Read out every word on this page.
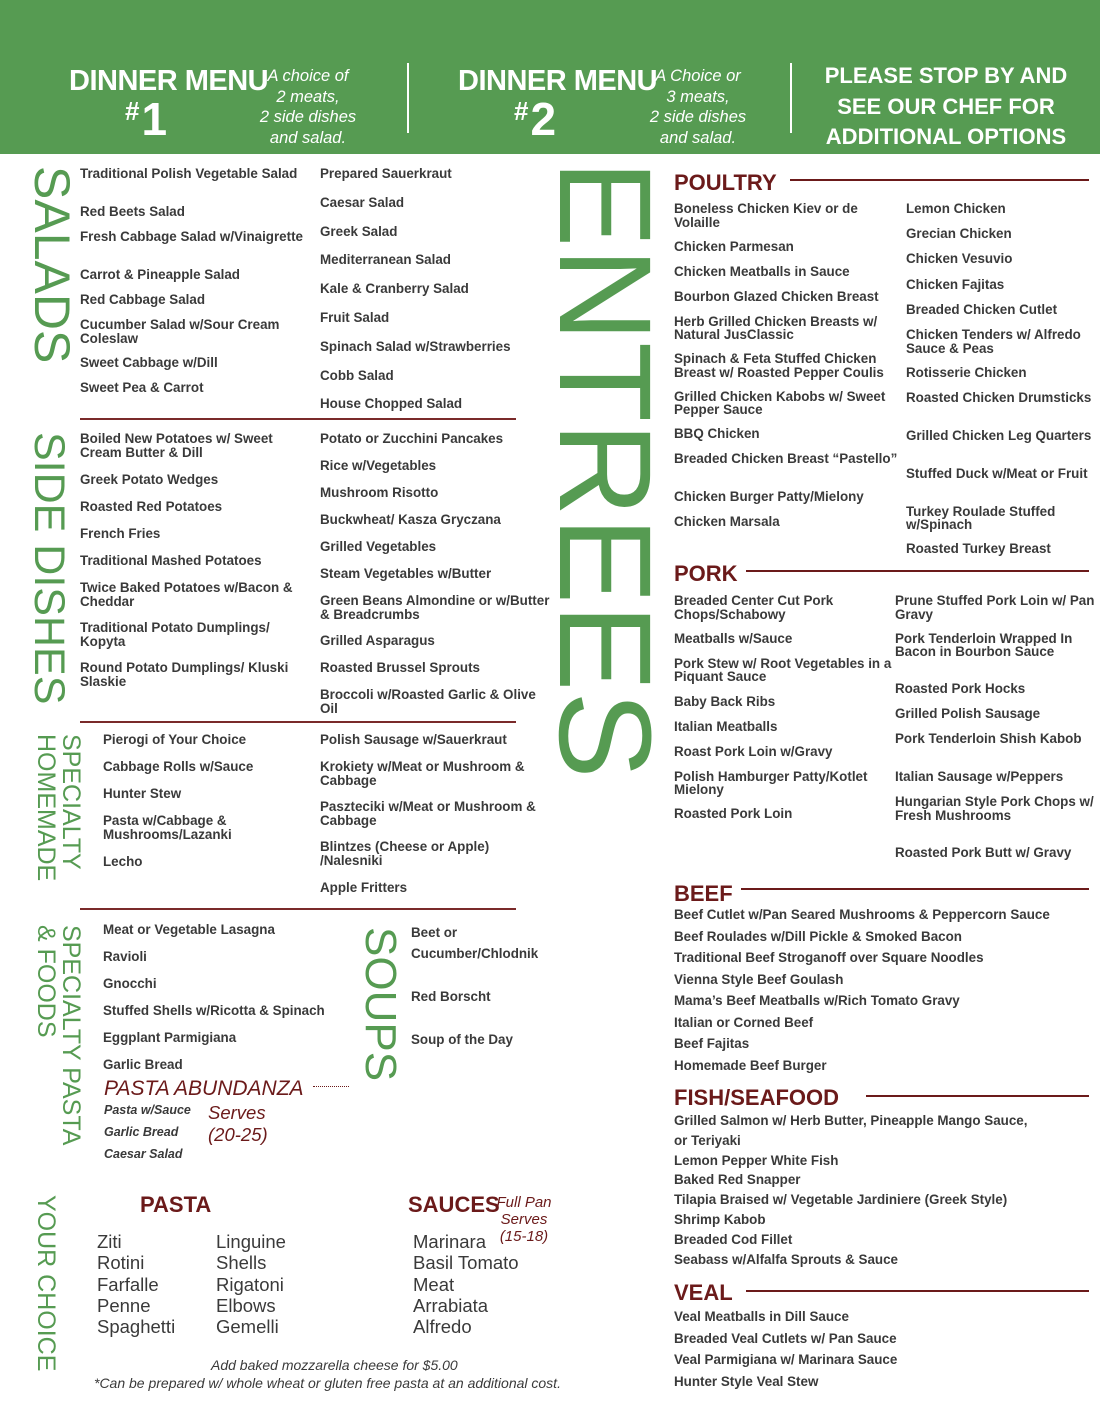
DINNER MENU
#1
A choice of
2 meats,
2 side dishes
and salad.
DINNER MENU
#2
A Choice or
3 meats,
2 side dishes
and salad.
PLEASE STOP BY AND
SEE OUR CHEF FOR
ADDITIONAL OPTIONS
SALADS
SIDE DISHES
HOMEMADE
SPECIALTY
& FOODS
SPECIALTY PASTA	SOUPS
YOUR CHOICE
ENTREES
Traditional Polish Vegetable Salad
Red Beets Salad
Fresh Cabbage Salad w/Vinaigrette
Carrot & Pineapple Salad
Red Cabbage Salad
Cucumber Salad w/Sour Cream Coleslaw
Sweet Cabbage w/Dill
Sweet Pea & Carrot
Prepared Sauerkraut
Caesar Salad
Greek Salad
Mediterranean Salad
Kale & Cranberry Salad
Fruit Salad
Spinach Salad w/Strawberries
Cobb Salad
House Chopped Salad
Boiled New Potatoes w/ Sweet Cream Butter & Dill
Greek Potato Wedges
Roasted Red Potatoes
French Fries
Traditional Mashed Potatoes
Twice Baked Potatoes w/Bacon & Cheddar
Traditional Potato Dumplings/ Kopyta
Round Potato Dumplings/ Kluski Slaskie
Potato or Zucchini Pancakes
Rice w/Vegetables
Mushroom Risotto
Buckwheat/ Kasza Gryczana
Grilled Vegetables
Steam Vegetables w/Butter
Green Beans Almondine or w/Butter & Breadcrumbs
Grilled Asparagus
Roasted Brussel Sprouts
Broccoli w/Roasted Garlic & Olive Oil
Pierogi of Your Choice
Cabbage Rolls w/Sauce
Hunter Stew
Pasta w/Cabbage & Mushrooms/Lazanki
Lecho
Polish Sausage w/Sauerkraut
Krokiety w/Meat or Mushroom & Cabbage
Paszteciki w/Meat or Mushroom & Cabbage
Blintzes (Cheese or Apple) /Nalesniki
Apple Fritters
Meat or Vegetable Lasagna
Ravioli
Gnocchi
Stuffed Shells w/Ricotta & Spinach
Eggplant Parmigiana
Garlic Bread
Beet or
Cucumber/Chlodnik
Red Borscht
Soup of the Day
PASTA ABUNDANZA
Pasta w/Sauce
Garlic Bread
Caesar Salad
Serves
(20-25)
PASTA
Ziti
Rotini
Farfalle
Penne
Spaghetti
Linguine
Shells
Rigatoni
Elbows
Gemelli
SAUCES
Full Pan
Serves
(15-18)
Marinara
Basil Tomato
Meat
Arrabiata
Alfredo
Add baked mozzarella cheese for $5.00
*Can be prepared w/ whole wheat or gluten free pasta at an additional cost.
POULTRY
Boneless Chicken Kiev or de Volaille
Chicken Parmesan
Chicken Meatballs in Sauce
Bourbon Glazed Chicken Breast
Herb Grilled Chicken Breasts w/ Natural JusClassic
Spinach & Feta Stuffed Chicken Breast w/ Roasted Pepper Coulis
Grilled Chicken Kabobs w/ Sweet Pepper Sauce
BBQ Chicken
Breaded Chicken Breast “Pastello”
Chicken Burger Patty/Mielony
Chicken Marsala
Lemon Chicken
Grecian Chicken
Chicken Vesuvio
Chicken Fajitas
Breaded Chicken Cutlet
Chicken Tenders w/ Alfredo Sauce & Peas
Rotisserie Chicken
Roasted Chicken Drumsticks
Grilled Chicken Leg Quarters
Stuffed Duck w/Meat or Fruit
Turkey Roulade Stuffed w/Spinach
Roasted Turkey Breast
PORK
Breaded Center Cut Pork Chops/Schabowy
Meatballs w/Sauce
Pork Stew w/ Root Vegetables in a Piquant Sauce
Baby Back Ribs
Italian Meatballs
Roast Pork Loin w/Gravy
Polish Hamburger Patty/Kotlet Mielony
Roasted Pork Loin
Prune Stuffed Pork Loin w/ Pan Gravy
Pork Tenderloin Wrapped In Bacon in Bourbon Sauce
Roasted Pork Hocks
Grilled Polish Sausage
Pork Tenderloin Shish Kabob
Italian Sausage w/Peppers
Hungarian Style Pork Chops w/ Fresh Mushrooms
Roasted Pork Butt w/ Gravy
BEEF
Beef Cutlet w/Pan Seared Mushrooms & Peppercorn Sauce
Beef Roulades w/Dill Pickle & Smoked Bacon
Traditional Beef Stroganoff over Square Noodles
Vienna Style Beef Goulash
Mama’s Beef Meatballs w/Rich Tomato Gravy
Italian or Corned Beef
Beef Fajitas
Homemade Beef Burger
FISH/SEAFOOD
Grilled Salmon w/ Herb Butter, Pineapple Mango Sauce,
or Teriyaki
Lemon Pepper White Fish
Baked Red Snapper
Tilapia Braised w/ Vegetable Jardiniere (Greek Style)
Shrimp Kabob
Breaded Cod Fillet
Seabass w/Alfalfa Sprouts & Sauce
VEAL
Veal Meatballs in Dill Sauce
Breaded Veal Cutlets w/ Pan Sauce
Veal Parmigiana w/ Marinara Sauce
Hunter Style Veal Stew
